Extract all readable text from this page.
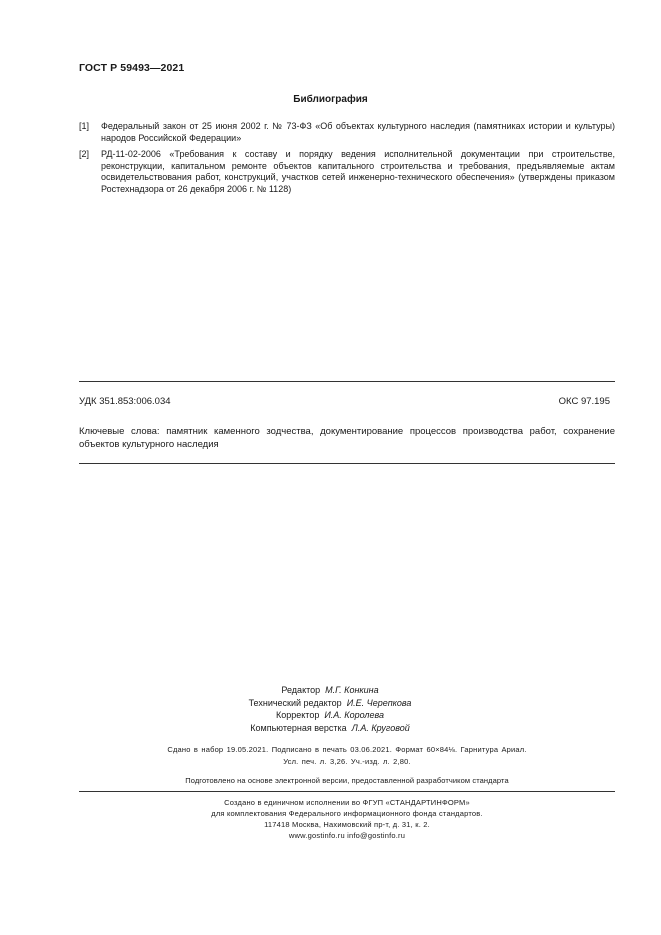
ГОСТ Р 59493—2021
Библиография
[1]	Федеральный закон от 25 июня 2002 г. № 73-ФЗ «Об объектах культурного наследия (памятниках истории и культуры) народов Российской Федерации»
[2]	РД-11-02-2006 «Требования к составу и порядку ведения исполнительной документации при строительстве, реконструкции, капитальном ремонте объектов капитального строительства и требования, предъявляемые актам освидетельствования работ, конструкций, участков сетей инженерно-технического обеспечения» (утверждены приказом Ростехнадзора от 26 декабря 2006 г. № 1128)
УДК 351.853:006.034	ОКС 97.195
Ключевые слова: памятник каменного зодчества, документирование процессов производства работ, сохранение объектов культурного наследия
Редактор М.Г. Конкина
Технический редактор И.Е. Черепкова
Корректор И.А. Королева
Компьютерная верстка Л.А. Круговой
Сдано в набор 19.05.2021. Подписано в печать 03.06.2021. Формат 60×84⅛. Гарнитура Ариал.
Усл. печ. л. 3,26. Уч.-изд. л. 2,80.
Подготовлено на основе электронной версии, предоставленной разработчиком стандарта
Создано в единичном исполнении во ФГУП «СТАНДАРТИНФОРМ»
для комплектования Федерального информационного фонда стандартов.
117418 Москва, Нахимовский пр-т, д. 31, к. 2.
www.gostinfo.ru info@gostinfo.ru
